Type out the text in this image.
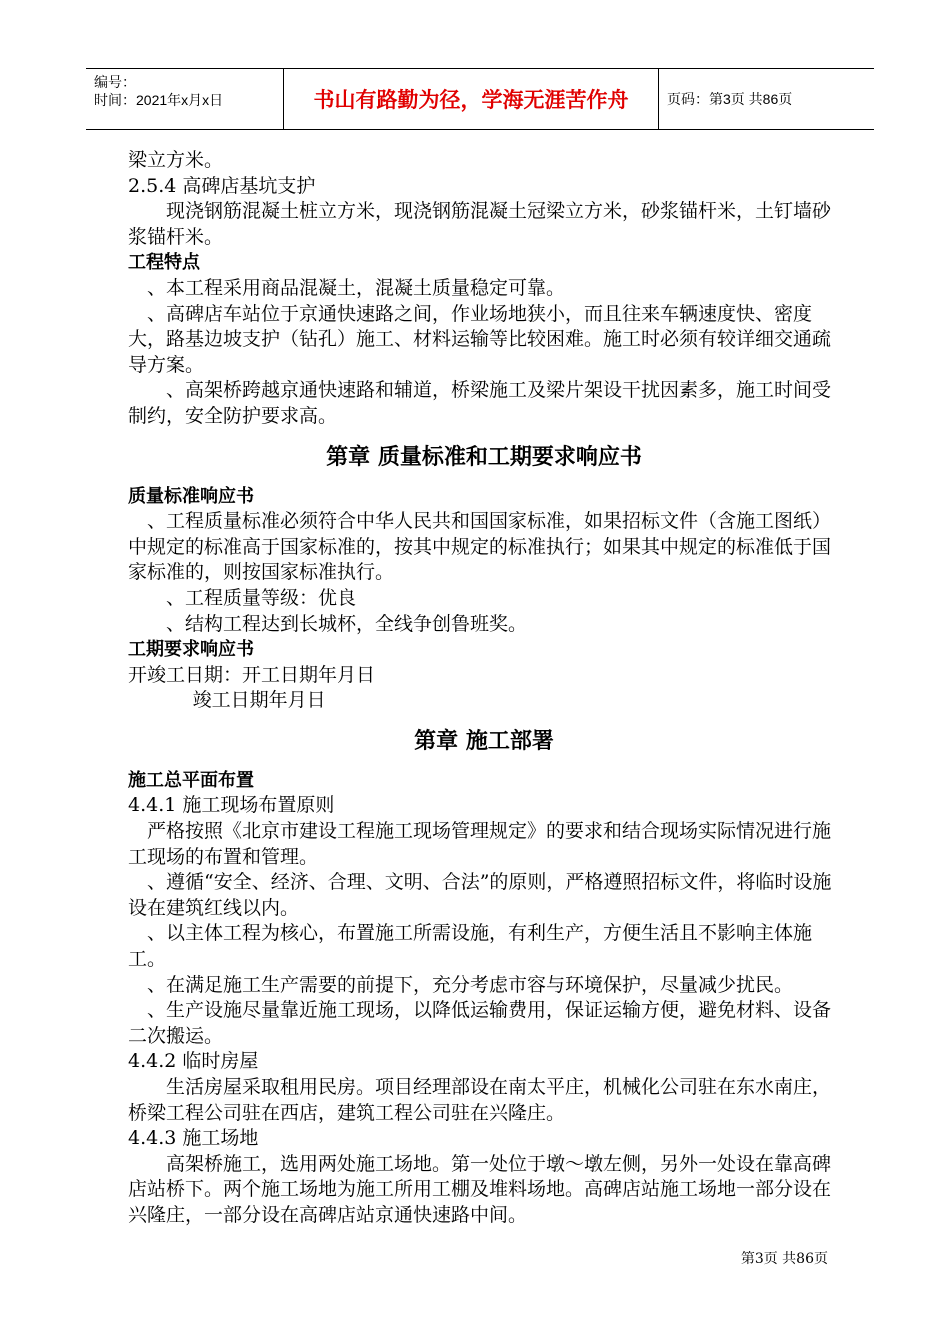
编号：
时间：2021年x月x日	书山有路勤为径，学海无涯苦作舟	页码：第3页 共86页

梁立方米。

2.5.4 高碑店基坑支护

现浇钢筋混凝土桩立方米，现浇钢筋混凝土冠梁立方米，砂浆锚杆米，土钉墙砂浆锚杆米。

工程特点

、本工程采用商品混凝土，混凝土质量稳定可靠。

、高碑店车站位于京通快速路之间，作业场地狭小，而且往来车辆速度快、密度大，路基边坡支护（钻孔）施工、材料运输等比较困难。施工时必须有较详细交通疏导方案。

、高架桥跨越京通快速路和辅道，桥梁施工及梁片架设干扰因素多，施工时间受制约，安全防护要求高。

第章 质量标准和工期要求响应书

质量标准响应书

、工程质量标准必须符合中华人民共和国国家标准，如果招标文件（含施工图纸）中规定的标准高于国家标准的，按其中规定的标准执行；如果其中规定的标准低于国家标准的，则按国家标准执行。

、工程质量等级：优良

、结构工程达到长城杯，全线争创鲁班奖。

工期要求响应书

开竣工日期：开工日期年月日

竣工日期年月日

第章 施工部署

施工总平面布置

4.4.1 施工现场布置原则

严格按照《北京市建设工程施工现场管理规定》的要求和结合现场实际情况进行施工现场的布置和管理。

、遵循“安全、经济、合理、文明、合法”的原则，严格遵照招标文件，将临时设施设在建筑红线以内。

、以主体工程为核心，布置施工所需设施，有利生产，方便生活且不影响主体施工。

、在满足施工生产需要的前提下，充分考虑市容与环境保护，尽量减少扰民。

、生产设施尽量靠近施工现场，以降低运输费用，保证运输方便，避免材料、设备二次搬运。

4.4.2 临时房屋

生活房屋采取租用民房。项目经理部设在南太平庄，机械化公司驻在东水南庄，桥梁工程公司驻在西店，建筑工程公司驻在兴隆庄。

4.4.3 施工场地

高架桥施工，选用两处施工场地。第一处位于墩～墩左侧，另外一处设在靠高碑店站桥下。两个施工场地为施工所用工棚及堆料场地。高碑店站施工场地一部分设在兴隆庄，一部分设在高碑店站京通快速路中间。

第3页 共86页
